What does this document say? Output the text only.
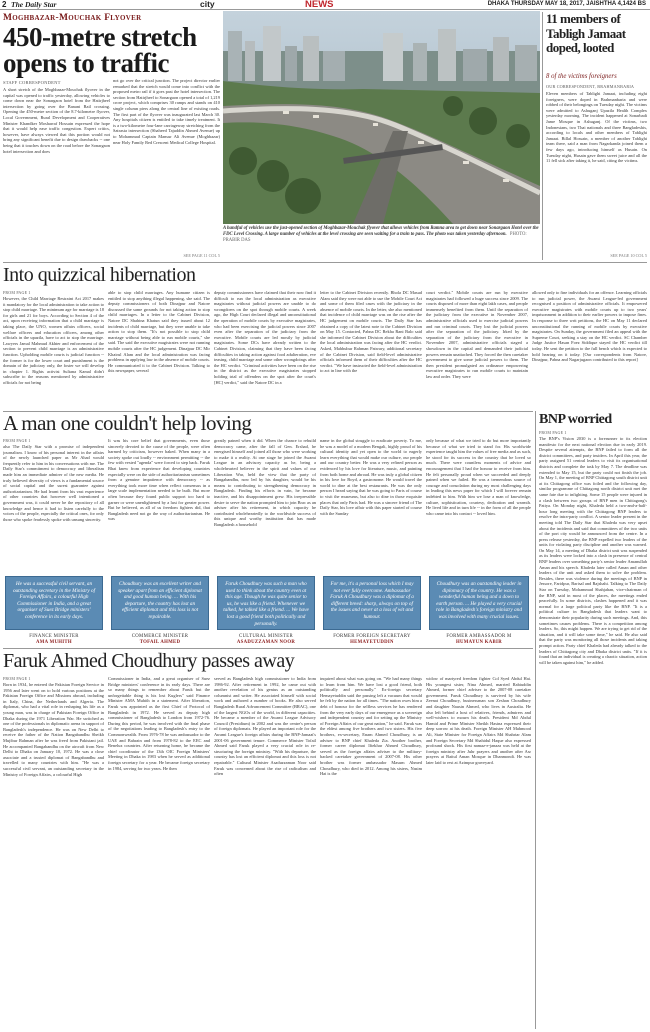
2 The Daily Star	city	NEWS	DHAKA THURSDAY MAY 18, 2017, JAISHTHA 4,1424 BS
Moghbazar-Mouchak Flyover
450-metre stretch opens to traffic
STAFF CORRESPONDENT
A short stretch of the Moghbazar-Mouchak flyover in the capital was opened to traffic yesterday, allowing vehicles to come down near the Sonargaon hotel from the Hatirjheel intersection by going over the Banani Rail crossing. Opening the 450-metre section of the 8.7-kilometre flyover, Local Government, Rural Development and Cooperatives Minister Khandker Mosharraf Hossain expressed the hope that it would help ease traffic congestion. Expert critics, however, have always viewed that this portion would not bring any significant benefit due to design drawbacks -- one being that it touches down on the road before the Sonargaon hotel intersection and does
not go over the critical junction. The project director earlier remarked that the stretch would come into conflict with the proposed metro rail if it goes past the hotel intersection. The section from Hatirjheel to Sonargaon opened a total of 1,219 crore project, which comprises 30 ramps and stands on 410 single column piers along the central line of existing roads. The first part of the flyover was inaugurated last March 30. Any hospitals citizen is entitled to take timely treatment. It is a two-kilometre four-lane carriageway stretching from the Satrasta intersection (Shaheed Tajuddin Ahmed Avenue) up to Mohammad Captain Mansur Ali Avenue (Moghbazar) near Holy Family Red Crescent Medical College Hospital.
SEE PAGE 11 COL 5
A handful of vehicles use the just-opened section of Moghbazar-Mouchak flyover that allows vehicles from Ramna area to get down near Sonargaon Hotel over the FDC Level Crossing. A large number of vehicles at the level crossing are seen waiting for a train to pass. The photo was taken yesterday afternoon. PHOTO: PRABIR DAS
11 members of Tabligh Jamaat doped, looted
8 of the victims foreigners
OUR CORRESPONDENT, BRAHMANBARIA
Eleven members of Tablighi Jamaat, including eight foreigners, were doped in Brahmanbaria and were robbed of their belongings on Tuesday night. The victims were admitted to Ashuganj Upazila Health Complex yesterday morning. The incident happened at Sonarbadi Jame Mosque in Ashuganj. Of the victims, two Indonesians, two Thai nationals and three Bangladeshis, according to locals and other members of Tablighi Jamaat. Billal Hossain, a member of another Tablighi team there, said a man from Nagarkanda joined them a few days ago, introducing himself as Husain. On Tuesday night, Husain gave them sweet juice and all the 11 fell sick after taking it, he said, citing the victims.
SEE PAGE 10 COL 5
Into quizzical hibernation
FROM PAGE 1
However, the Child Marriage Restraint Act 2017 makes it mandatory for the local administration to take action to stop child marriage. The minimum age for marriage is 18 for girls and 21 for boys. According to Section 4 of the act, upon receiving information that a child marriage is taking place, the UNO, women affairs officers, social welfare officers and education officers, among other officials in the upazila, have to act to stop the marriage. Lawyers Jamal Mahmud Akhter and enforcement of the section to prevent child marriage is an administrative function. Upholding mobile courts is judicial function -- the former is for the lower court and punishment is the domain of the judiciary only, the foster we will develop in chapter 1. Rights activist Sultana Kamal didn't subscribe to the reasons mentioned by administrative officials for not being
able to stop child marriages. Any humane citizen is entitled to stop anything illegal happening, she said. The deputy commissioners of both Dinajpur and Natore discussed the same grounds for not taking action to stop child marriages. In a letter to the Cabinet Division, Natore DC Shahina Khatun said they issued about 12 incidents of child marriage, but they were unable to take action to stop them. "It's not possible to stop child marriage without being able to run mobile courts," she said. The said the executive magistrates were not running mobile courts after the HC judgement. Dinajpur DC Mir Khairul Alam and the local administration was facing problems in applying law in the absence of mobile courts. He communicated it to the Cabinet Division. Talking to this newspaper, several
deputy commissioners have claimed that their now find it difficult to run the local administration as executive magistrates without judicial powers are unable to do wrongdoers on the spot through mobile courts. A week ago, the High Court declared illegal and unconstitutional the operation of mobile courts by executive magistrates, who had been exercising the judicial powers since 2007 even after the separation of the judiciary from the executive. Mobile courts are led mostly by judicial magistrates. Some DCs have already written to the Cabinet Division, claiming that they have been facing difficulties in taking action against food adulteration, eve teasing, child marriage and some other wrongdoings after the HC verdict. "Criminal activities have been on the rise in the district as the executive magistrates stopped holding trial of offenders on the spot after the court's [HC] verdict," said the Natore DC in a
letter to the Cabinet Division recently. Bhola DC Masud Alam said they were not able to use the Mobile Court Act and some of them filed cases with the judiciary in the absence of mobile courts. In the letter, she also mentioned that incidence of child marriage was on the rise after the HC judgement on mobile courts. The Daily Star has obtained a copy of the latest note to the Cabinet Division on May 15. Contacted, Pabna DC Rekha Rani Balo said she informed the Cabinet Division about the difficulties the local administration was facing after the HC verdict. Asked, Mahbubur Rahman Patwary, additional secretary of the Cabinet Division, said field-level administrative officials informed them of their difficulties after the HC verdict. "We have instructed the field-level administration to act in line with the
court verdict." Mobile courts are run by executive magistrates had followed a huge success since 2009. The courts disposed of more than eight lakh cases, and people immensely benefited from them. Until the separation of the judiciary from the executive in November 2007, administrative officials used to exercise judicial powers and run criminal courts. They lost the judicial powers after the separation of the judiciary. Irked by the separation of the judiciary from the executive in November 2007, administrative officials staged a showdown in the capital and demanded their judicial powers remain unattached. They forced the then caretaker government to give some judicial powers to them. The then president promulgated an ordinance empowering executive magistrates to run mobile courts to maintain law and order. They were
allowed only to fine individuals for an offence. Learning officials to run judicial power, the Awami League-led government recognised a position of administrative officials. It empowered executive magistrates with mobile courts up to two years' imprisonment in addition to their earlier powers to impose fines. In response to three writ petitions, the HC on May 11 declared unconstitutional the running of mobile courts by executive magistrates. On Sunday, the government filed an appeal with the Supreme Court, seeking a stay on the HC verdict. SC Chamber Judge Justice Hasan Foez Siddique stayed the HC verdict till today. He sent the petition to the full bench which is expected to hold hearing on it today. [Our correspondents from Natore, Dinajpur, Pabna and Nagarjugaon contributed to this report]
A man one couldn't help loving
FROM PAGE 1
also The Daily Star with a promise of independent journalism. I know of his personal interest in the affairs of the newly launched paper as Mr Ahad would frequently refer to him in his conversations with me. The Daily Star's commitment to democracy and liberalism made him an immediate admirer of the new media. He truly believed diversity of views is a fundamental source of social capital and the surest guarantee against authoritarianism. He had learnt from his vast experience of other countries that however well intentioned a government was, it could never be the repository of all knowledge and hence it had to listen carefully to the voices of the people, especially the critical ones, for only those who spoke fearlessly spoke with unsung sincerity.
It was his core belief that governments, even those sincerely devoted to the cause of the people, were often harmed by criticism, however baked. When many in a society spoke out loudly -- environment permitting -- the few with vested "agenda" were forced to step back. Faruk Bhai knew from experience that developing countries especially were on the side of authoritarianism sometimes from a genuine impatience with democracy -- as everything took more time when reflect consensus in a large scale implementation needed to be built. But more often because they found public support too hard to garner or were unenlightened by a lust for greater power. But he believed, as all of us freedom fighters did, that Bangladesh need not go the way of authoritarianism. He was
greatly pained when it did. When the chance to rebuild democracy came, after the fall of Gen. Ershad, he energised himself and joined all those who were working to make it a reality. At one stage he joined the Awami League in an advisory capacity as he, being a wholehearted believer in the spirit and values of our Liberation War, held the view that the party of Bangabandhu, now led by his daughter, would be his means to contributing to strengthening democracy in Bangladesh. Finding his efforts in vain, he became inactive, and his disappointment grew. His irrepressible desire to serve the nation prompted him to join Brac as an adviser after his retirement, in which capacity he contributed wholeheartedly to the worldwide success of this unique and worthy institution that has made Bangladesh a household
name in the global struggle to eradicate poverty. To me, he was a model of a modern Bengali, highly proud of his cultural identity and yet open to the world to eagerly learn everything that would make our culture, our people and our country better. He was a very refined person as evidenced by his love for literature, music, and painting from both home and abroad. He was truly a global citizen in his love for Boyd, a gastronome. He would travel the world to dine at the best restaurants. He was the only person I heard saying that he was going to Paris of course to visit the museums, but also to dine in those exquisite places that only Paris had. He was a sincere friend of The Daily Star, his love affair with this paper started of course with the Sunday
only because of what we tried to do but more importantly because of what we tried to stand for. His worldwide experience taught him the values of free media and as such, he stood for its success in the country that he loved so much. There were countless moments of advice and encouragement that I had the honour to receive from him. He felt personally proud when we succeeded and deeply pained when we failed. He was a tremendous source of courage and consolation during my most challenging days in leading this news paper for which I will forever remain indebted to him. With him we lose a man of knowledge, culture, sophistication, courtesy, dedication and warmth. He lived life and in turn life -- in the form of all the people who came into his contact -- loved him.
He was a successful civil servant, an outstanding secretary in the Ministry of Foreign Affairs, a colourful High Commissioner in India, and a great organiser of Suez Bridge ministers' conference in its early days.
FINANCE MINISTER
AMA MUHITH
Choudhury was an excellent writer and speaker apart from an efficient diplomat and good human being. ... With his departure, the country has lost an efficient diplomat and this loss is not repairable.
COMMERCE MINISTER
TOFAIL AHMED
Faruk Choudhury was such a man who used to think about the country even at this age. Though he was quite senior to us, he was like a friend. Whenever we talked, he talked like a friend. ... We have lost a good friend both politically and personally.
CULTURAL MINISTER
ASADUZZAMAN NOOR
For me, it's a personal loss which I may not ever fully overcome. Ambassador Faruk A Choudhury was a diplomat of a different breed: sharp, always on top of the issues and never at a loss of wit and humour.
FORMER FOREIGN SECRETARY
HEMAYETUDDIN
Choudhury was an outstanding leader in diplomacy of the country. He was a wonderful human being and a down to earth person. ... He played a very crucial role in Bangladesh's foreign ministry and was involved with many crucial issues.
FORMER AMBASSADOR M
HUMAYUN KABIR
BNP worried
FROM PAGE 1
The BNP's Vision 2030 is a forerunner to its election manifesto for the next national election due in early 2019. Despite several attempts, the BNP failed to form all the district committees, and party insiders. In April this year, the party assigned 51 central leaders to visit its organisational districts and complete the task by May 7. The deadline was extended to May 15, but the party could not finish the job. On May 1, the meeting of BNP Chittagong south district unit at its Chittagong office was foiled and the following day, similar programme of Chittagong north district unit met the same fate due to infighting. Some 15 people were injured in a clash between two groups of BNP men in Chittagong's Patiya. On Monday night, Khaleda held a two-and-a-half-hour long meeting with the Chittagong BNP leaders to resolve the intra-party conflict. A senior leader present in the meeting told The Daily Star that Khaleda was very upset about the incidents and said that committees of the two units of the port city would be announced from the centre. In a press release yesterday, the BNP expelled two leaders of the units for violating party discipline and another was warned. On May 14, a meeting of Dhaka district unit was suspended as its leaders were locked into a clash in presence of central BNP leaders over something party's senior leader Amanullah Aman and his speech. Khaleda later called Aman and other leaders of the unit and asked them to solve the problem. Besides, there was violence during the meetings of BNP in Jessore, Faridpur, Barisal and Rajshahi. Talking to The Daily Star on Tuesday, Mohammad Shahjahan, vice-chairman of the BNP, said in most of the places, the meetings ended peacefully. In some districts, clashes happened and it was normal for a large political party like the BNP. "It is a political culture in Bangladesh that leaders want to demonstrate their popularity during such meetings. And, this sometimes causes problems. There is a competition among leaders. So, this might happen. We are trying to get rid of the situation, and it will take some time," he said. He also said that the party was monitoring all those incidents and taking prompt action. Party chief Khaleda had already talked to the leaders of Chittagong city and Dhaka district units. "If it is found that an individual is creating a chaotic situation, action will be taken against him," he added.
Faruk Ahmed Choudhury passes away
FROM PAGE 1
Born in 1934, he entered the Pakistan Foreign Service in 1956 and later went on to hold various positions at the Pakistan Foreign Office and Missions abroad, including in Italy, China, the Netherlands and Algeria. The diplomat, who had a vital role in reshaping his life as a young man, was in charge of Pakistan Foreign Office in Dhaka during the 1971 Liberation War. He switched as one of the professionals in diplomatic arena in support of Bangladesh's independence. He was on New Delhi to receive the father of the Nation Bangabandhu Sheikh Mujibur Rahman after he was freed from Pakistani jail. He accompanied Bangabandhu on the aircraft from New Delhi to Dhaka on January 10, 1972. He was a close associate and a trusted diplomat of Bangabandhu and travelled to many countries with him. "He was a successful civil servant, an outstanding secretary in the Ministry of Foreign Affairs, a colourful High
Commissioner in India, and a great organiser of Suez Bridge ministers' conference in its early days. There are so many things to remember about Faruk but the unforgettable thing is his lost Kuglers" said Finance Minister AMA Muhith in a statement. After liberation, Faruk was appointed as the first Chief of Protocol of Bangladesh in 1972. He served as deputy high commissioner of Bangladesh to London from 1972-76. During this period, he was involved with the final phase of the negotiations leading to Bangladesh's entry to the Commonwealth. From 1976-78 he was ambassador to the UAE and Bahrain and from 1978-82 to the EEC and Benelux countries. After returning home, he became the chief coordinator of the 13th OIC Foreign Ministers' Meeting in Dhaka in 1983 when he served as additional foreign secretary for a year. He became foreign secretary in 1984, serving for two years. He then
served as Bangladesh high commissioner to India from 1986-92. After retirement in 1992, he came out with another revelation of his genius as an outstanding columnist and writer. He associated himself with social work and authored a number of books. He also served Bangladesh Rural Advancement Committee (BRAC), one of the largest NGOs of the world, in different capacities. He became a member of the Awami League Advisory Council (Presidium) in 2002 and was the centre's person of foreign diplomats. He played an important role for the Awami League's foreign affairs during the BNP-Jamaat's 2001-06 government tenure. Commerce Minister Tofail Ahmed said Faruk played a very crucial role in re-structuring the foreign ministry. "With his departure, the country has lost an efficient diplomat and this loss is not repairable." Cultural Minister Asaduzzaman Noor said Faruk was concerned about the rise of radicalism and often
inquired about what was going on. "We had many things to learn from him. We have lost a good friend, both politically and personally." Ex-foreign secretary Hemayetuddin said the passing left a vacuum that would be felt by the nation for all times. "The nation owes him a debt of honour for the selfless services he has rendered from the very early days of our emergence as a sovereign and independent country and for setting up the Ministry of Foreign Affairs of our great nation," he said. Faruk was the eldest among five brothers and two sisters. His five brothers, ex-secretary, Enam Ahmed Choudhury, is an adviser to BNP chief Khaleda Zia. Another brother, former career diplomat Iftekhar Ahmed Choudhury, served as the foreign affairs adviser to the military-backed caretaker government of 2007-08. His other brother was former ambassador Masum Ahmed Choudhury, who died in 2012. Among his sisters, Nasim Hai is the
widow of martyred freedom fighter Col Syed Abdul Hai. His youngest sister, Nina Ahmed, married Rabiuddin Ahmed, former chief adviser to the 2007-08 caretaker government. Faruk Choudhury is survived by his wife Zeenat Choudhury, businessman son Zeshan Choudhury and daughter Nausin Ahmed, who lives in Australia. He also left behind a host of relatives, friends, admirers and well-wishers to mourn his death. President Md Abdul Hamid and Prime Minister Sheikh Hasina expressed their deep sorrow at his death. Foreign Minister AH Mahmood Ali, State Minister for Foreign Affairs Md Shahriar Alam and Foreign Secretary Md Shahidul Haque also expressed profound shock. His first namaz-e-janaza was held at the foreign ministry after Juhr prayers and another after Asr prayers at Baitul Aman Mosque in Dhanmondi. He was later laid to rest at Azimpur graveyard.
